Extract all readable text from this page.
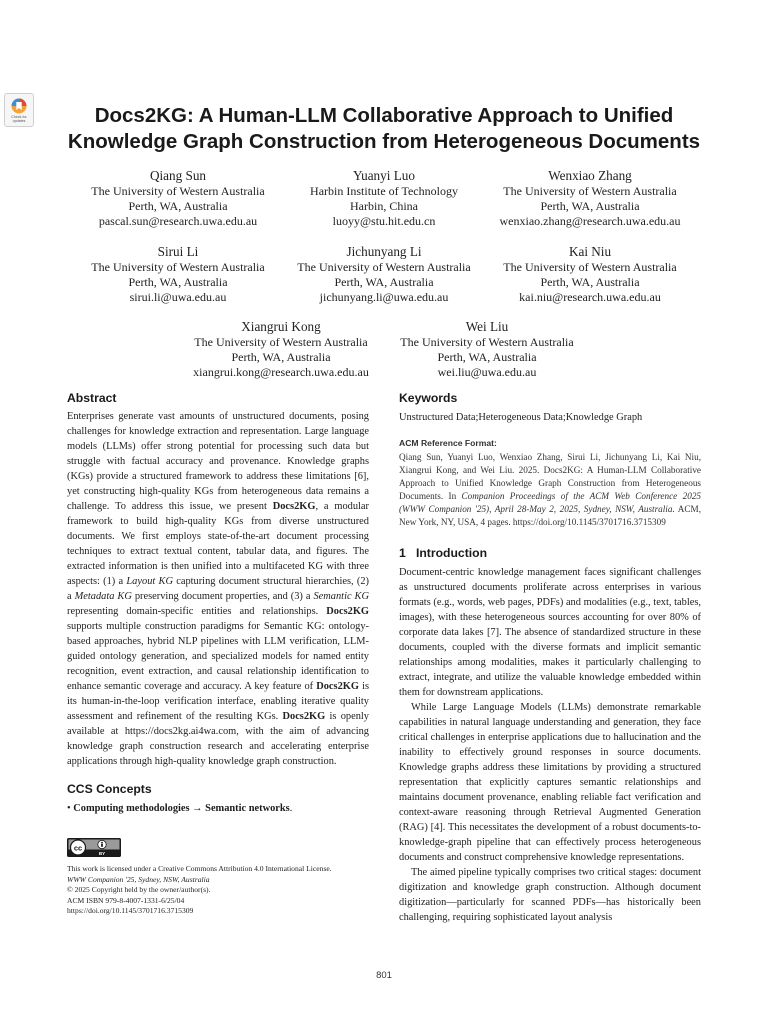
Check for updates	Docs2KG: A Human-LLM Collaborative Approach to Unified Knowledge Graph Construction from Heterogeneous Documents
Qiang Sun
The University of Western Australia
Perth, WA, Australia
pascal.sun@research.uwa.edu.au
Yuanyi Luo
Harbin Institute of Technology
Harbin, China
luoyy@stu.hit.edu.cn
Wenxiao Zhang
The University of Western Australia
Perth, WA, Australia
wenxiao.zhang@research.uwa.edu.au
Sirui Li
The University of Western Australia
Perth, WA, Australia
sirui.li@uwa.edu.au
Jichunyang Li
The University of Western Australia
Perth, WA, Australia
jichunyang.li@uwa.edu.au
Kai Niu
The University of Western Australia
Perth, WA, Australia
kai.niu@research.uwa.edu.au
Xiangrui Kong
The University of Western Australia
Perth, WA, Australia
xiangrui.kong@research.uwa.edu.au
Wei Liu
The University of Western Australia
Perth, WA, Australia
wei.liu@uwa.edu.au
Abstract

Enterprises generate vast amounts of unstructured documents, posing challenges for knowledge extraction and representation. Large language models (LLMs) offer strong potential for processing such data but struggle with factual accuracy and provenance. Knowledge graphs (KGs) provide a structured framework to address these limitations [6], yet constructing high-quality KGs from heterogeneous data remains a challenge. To address this issue, we present Docs2KG, a modular framework to build high-quality KGs from diverse unstructured documents. We first employs state-of-the-art document processing techniques to extract textual content, tabular data, and figures. The extracted information is then unified into a multifaceted KG with three aspects: (1) a Layout KG capturing document structural hierarchies, (2) a Metadata KG preserving document properties, and (3) a Semantic KG representing domain-specific entities and relationships. Docs2KG supports multiple construction paradigms for Semantic KG: ontology-based approaches, hybrid NLP pipelines with LLM verification, LLM-guided ontology generation, and specialized models for named entity recognition, event extraction, and causal relationship identification to enhance semantic coverage and accuracy. A key feature of Docs2KG is its human-in-the-loop verification interface, enabling iterative quality assessment and refinement of the resulting KGs. Docs2KG is openly available at https://docs2kg.ai4wa.com, with the aim of advancing knowledge graph construction research and accelerating enterprise applications through high-quality knowledge graph construction.

CCS Concepts
• Computing methodologies → Semantic networks.
cc
BY
This work is licensed under a Creative Commons Attribution 4.0 International License.
WWW Companion '25, Sydney, NSW, Australia
© 2025 Copyright held by the owner/author(s).
ACM ISBN 979-8-4007-1331-6/25/04
https://doi.org/10.1145/3701716.3715309
Keywords

Unstructured Data;Heterogeneous Data;Knowledge Graph

ACM Reference Format:

Qiang Sun, Yuanyi Luo, Wenxiao Zhang, Sirui Li, Jichunyang Li, Kai Niu, Xiangrui Kong, and Wei Liu. 2025. Docs2KG: A Human-LLM Collaborative Approach to Unified Knowledge Graph Construction from Heterogeneous Documents. In Companion Proceedings of the ACM Web Conference 2025 (WWW Companion '25), April 28-May 2, 2025, Sydney, NSW, Australia. ACM, New York, NY, USA, 4 pages. https://doi.org/10.1145/3701716.3715309

1 Introduction

Document-centric knowledge management faces significant challenges as unstructured documents proliferate across enterprises in various formats (e.g., words, web pages, PDFs) and modalities (e.g., text, tables, images), with these heterogeneous sources accounting for over 80% of corporate data lakes [7]. The absence of standardized structure in these documents, coupled with the diverse formats and implicit semantic relationships among modalities, makes it particularly challenging to extract, integrate, and utilize the valuable knowledge embedded within them for downstream applications.

While Large Language Models (LLMs) demonstrate remarkable capabilities in natural language understanding and generation, they face critical challenges in enterprise applications due to hallucination and the inability to effectively ground responses in source documents. Knowledge graphs address these limitations by providing a structured representation that explicitly captures semantic relationships and maintains document provenance, enabling reliable fact verification and context-aware reasoning through Retrieval Augmented Generation (RAG) [4]. This necessitates the development of a robust documents-to-knowledge-graph pipeline that can effectively process heterogeneous documents and construct comprehensive knowledge representations.

The aimed pipeline typically comprises two critical stages: document digitization and knowledge graph construction. Although document digitization—particularly for scanned PDFs—has historically been challenging, requiring sophisticated layout analysis

801
